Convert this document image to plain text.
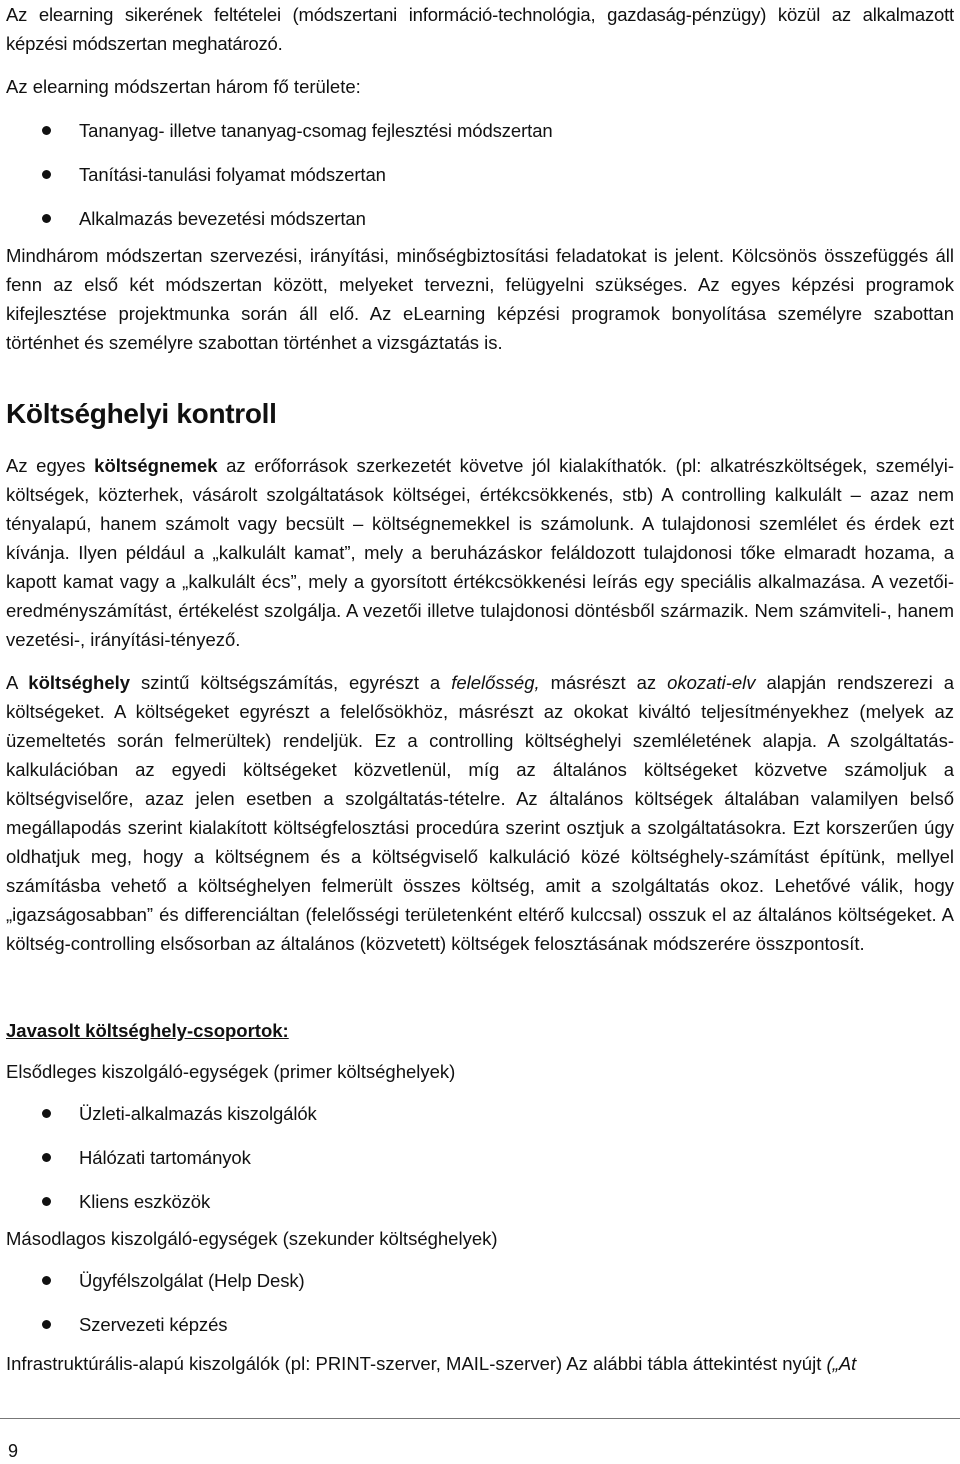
Az elearning sikerének feltételei (módszertani információ-technológia, gazdaság-pénzügy) közül az alkalmazott képzési módszertan meghatározó.

Az elearning módszertan három fő területe:

Tananyag- illetve tananyag-csomag fejlesztési módszertan
Tanítási-tanulási folyamat módszertan
Alkalmazás bevezetési módszertan

Mindhárom módszertan szervezési, irányítási, minőségbiztosítási feladatokat is jelent. Kölcsönös összefüggés áll fenn az első két módszertan között, melyeket tervezni, felügyelni szükséges. Az egyes képzési programok kifejlesztése projektmunka során áll elő. Az eLearning képzési programok bonyolítása személyre szabottan történhet és személyre szabottan történhet a vizsgáztatás is.

Költséghelyi kontroll

Az egyes költségnemek az erőforrások szerkezetét követve jól kialakíthatók. (pl: alkatrészköltségek, személyi-költségek, közterhek, vásárolt szolgáltatások költségei, értékcsökkenés, stb) A controlling kalkulált – azaz nem tényalapú, hanem számolt vagy becsült – költségnemekkel is számolunk. A tulajdonosi szemlélet és érdek ezt kívánja. Ilyen például a „kalkulált kamat”, mely a beruházáskor feláldozott tulajdonosi tőke elmaradt hozama, a kapott kamat vagy a „kalkulált écs”, mely a gyorsított értékcsökkenési leírás egy speciális alkalmazása. A vezetői-eredményszámítást, értékelést szolgálja. A vezetői illetve tulajdonosi döntésből származik. Nem számviteli-, hanem vezetési-, irányítási-tényező.

A költséghely szintű költségszámítás, egyrészt a felelősség, másrészt az okozati-elv alapján rendszerezi a költségeket. A költségeket egyrészt a felelősökhöz, másrészt az okokat kiváltó teljesítményekhez (melyek az üzemeltetés során felmerültek) rendeljük. Ez a controlling költséghelyi szemléletének alapja. A szolgáltatás-kalkulációban az egyedi költségeket közvetlenül, míg az általános költségeket közvetve számoljuk a költségviselőre, azaz jelen esetben a szolgáltatás-tételre. Az általános költségek általában valamilyen belső megállapodás szerint kialakított költségfelosztási procedúra szerint osztjuk a szolgáltatásokra. Ezt korszerűen úgy oldhatjuk meg, hogy a költségnem és a költségviselő kalkuláció közé költséghely-számítást építünk, mellyel számításba vehető a költséghelyen felmerült összes költség, amit a szolgáltatás okoz. Lehetővé válik, hogy „igazságosabban” és differenciáltan (felelősségi területenként eltérő kulccsal) osszuk el az általános költségeket. A költség-controlling elsősorban az általános (közvetett) költségek felosztásának módszerére összpontosít.

Javasolt költséghely-csoportok:

Elsődleges kiszolgáló-egységek (primer költséghelyek)

Üzleti-alkalmazás kiszolgálók
Hálózati tartományok
Kliens eszközök

Másodlagos kiszolgáló-egységek (szekunder költséghelyek)

Ügyfélszolgálat (Help Desk)
Szervezeti képzés

Infrastruktúrális-alapú kiszolgálók (pl: PRINT-szerver, MAIL-szerver) Az alábbi tábla áttekintést nyújt („At

9
